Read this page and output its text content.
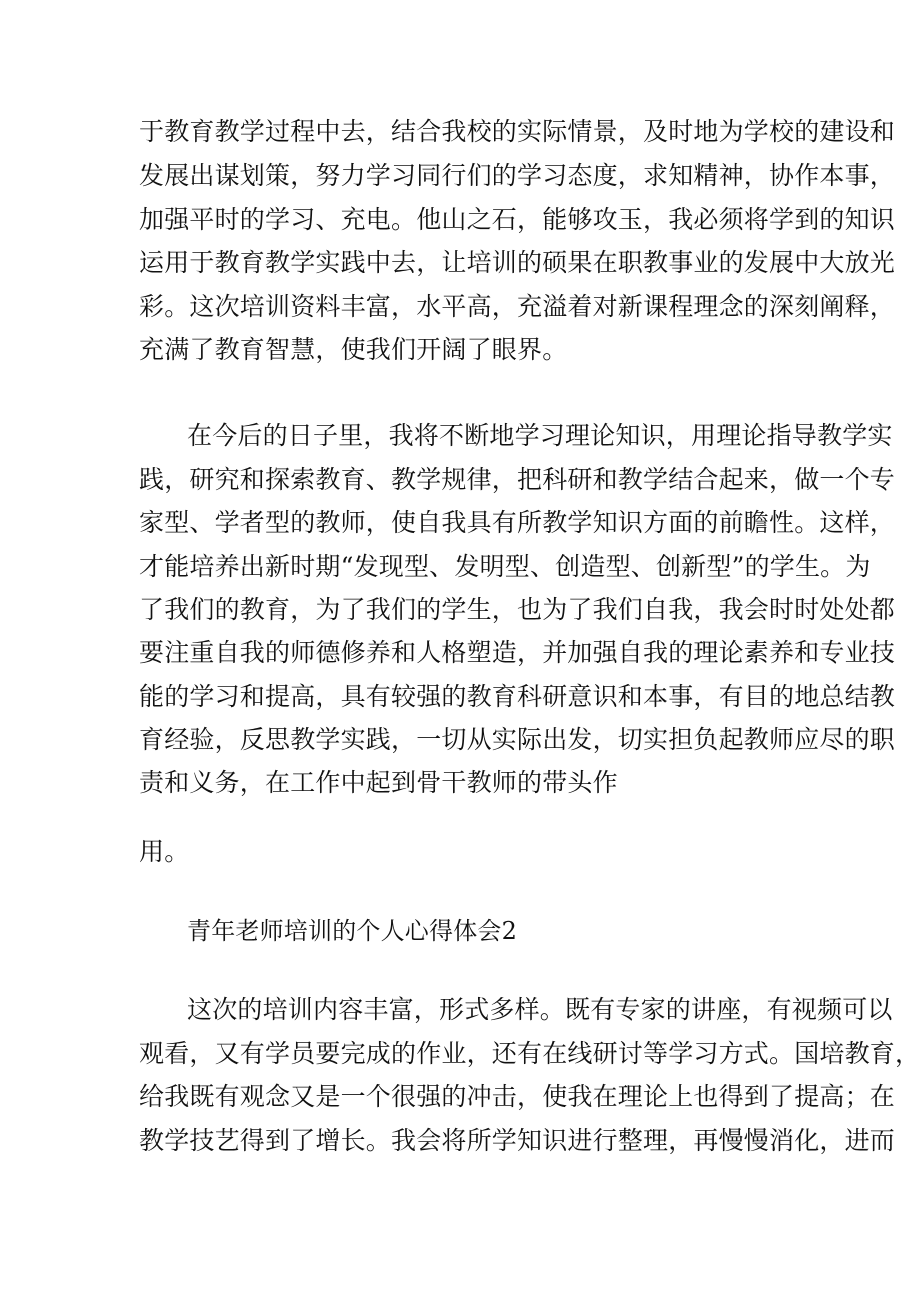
于教育教学过程中去，结合我校的实际情景，及时地为学校的建设和
发展出谋划策，努力学习同行们的学习态度，求知精神，协作本事，
加强平时的学习、充电。他山之石，能够攻玉，我必须将学到的知识
运用于教育教学实践中去，让培训的硕果在职教事业的发展中大放光
彩。这次培训资料丰富，水平高，充溢着对新课程理念的深刻阐释，
充满了教育智慧，使我们开阔了眼界。
在今后的日子里，我将不断地学习理论知识，用理论指导教学实
践，研究和探索教育、教学规律，把科研和教学结合起来，做一个专
家型、学者型的教师，使自我具有所教学知识方面的前瞻性。这样，
才能培养出新时期“发现型、发明型、创造型、创新型”的学生。为
了我们的教育，为了我们的学生，也为了我们自我，我会时时处处都
要注重自我的师德修养和人格塑造，并加强自我的理论素养和专业技
能的学习和提高，具有较强的教育科研意识和本事，有目的地总结教
育经验，反思教学实践，一切从实际出发，切实担负起教师应尽的职
责和义务，在工作中起到骨干教师的带头作
用。
青年老师培训的个人心得体会2
这次的培训内容丰富，形式多样。既有专家的讲座，有视频可以
观看，又有学员要完成的作业，还有在线研讨等学习方式。国培教育，
给我既有观念又是一个很强的冲击，使我在理论上也得到了提高；在
教学技艺得到了增长。我会将所学知识进行整理，再慢慢消化，进而
